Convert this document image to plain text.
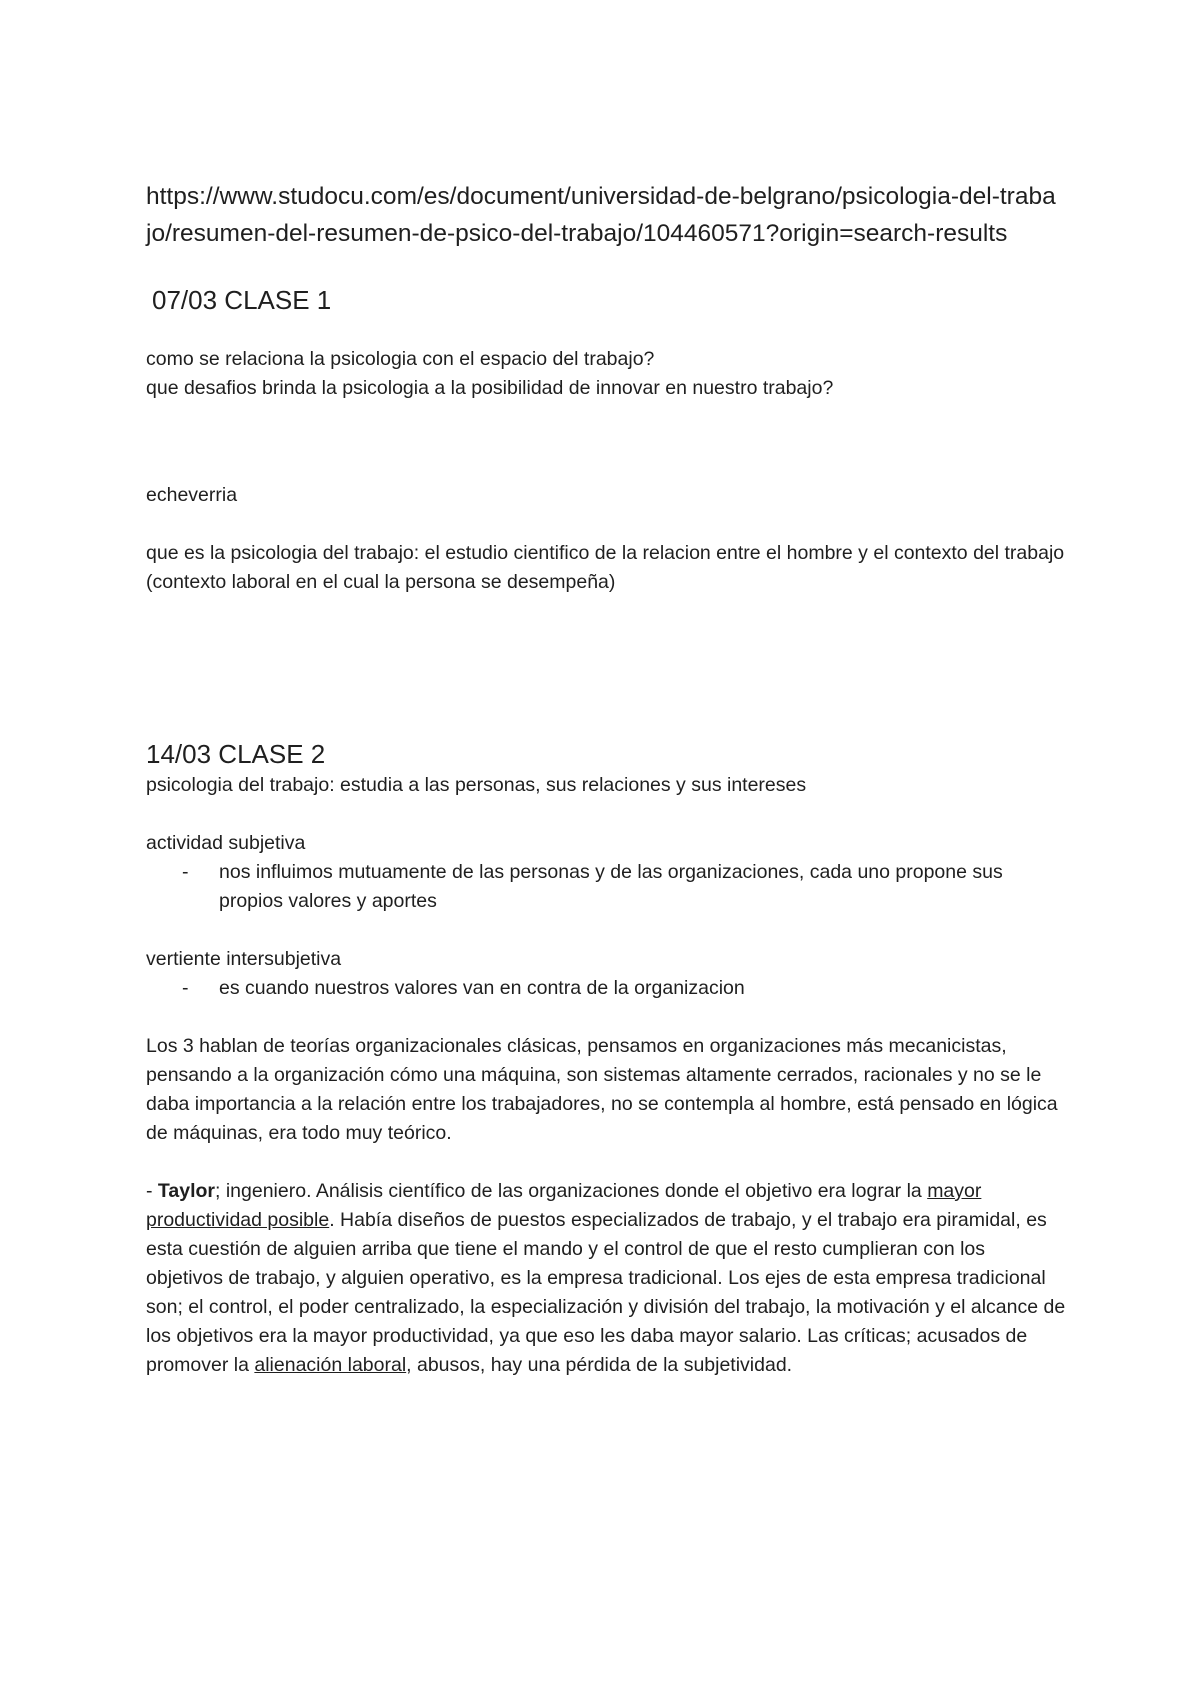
https://www.studocu.com/es/document/universidad-de-belgrano/psicologia-del-trabajo/resumen-del-resumen-de-psico-del-trabajo/104460571?origin=search-results

07/03 CLASE 1

como se relaciona la psicologia con el espacio del trabajo?

que desafios brinda la psicologia a la posibilidad de innovar en nuestro trabajo?

echeverria

que es la psicologia del trabajo: el estudio cientifico de la relacion entre el hombre y el contexto del trabajo (contexto laboral en el cual la persona se desempeña)

14/03 CLASE 2

psicologia del trabajo: estudia a las personas, sus relaciones y sus intereses

actividad subjetiva

- nos influimos mutuamente de las personas y de las organizaciones, cada uno propone sus propios valores y aportes

vertiente intersubjetiva

- es cuando nuestros valores van en contra de la organizacion

Los 3 hablan de teorías organizacionales clásicas, pensamos en organizaciones más mecanicistas, pensando a la organización cómo una máquina, son sistemas altamente cerrados, racionales y no se le daba importancia a la relación entre los trabajadores, no se contempla al hombre, está pensado en lógica de máquinas, era todo muy teórico.

- Taylor; ingeniero. Análisis científico de las organizaciones donde el objetivo era lograr la mayor productividad posible. Había diseños de puestos especializados de trabajo, y el trabajo era piramidal, es esta cuestión de alguien arriba que tiene el mando y el control de que el resto cumplieran con los objetivos de trabajo, y alguien operativo, es la empresa tradicional. Los ejes de esta empresa tradicional son; el control, el poder centralizado, la especialización y división del trabajo, la motivación y el alcance de los objetivos era la mayor productividad, ya que eso les daba mayor salario. Las críticas; acusados de promover la alienación laboral, abusos, hay una pérdida de la subjetividad.
